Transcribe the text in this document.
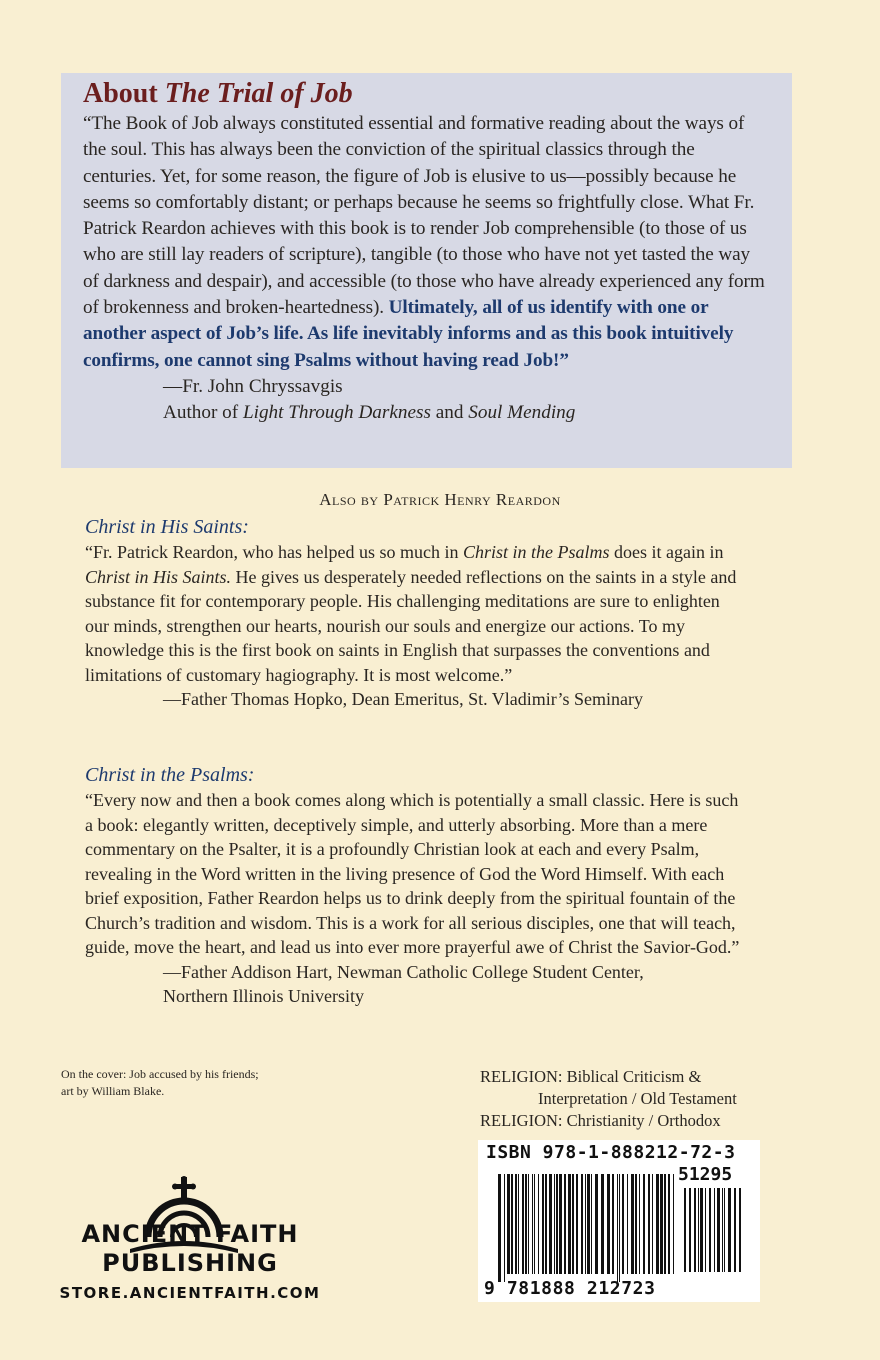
About The Trial of Job

“The Book of Job always constituted essential and formative reading about the ways of the soul. This has always been the conviction of the spiritual classics through the centuries. Yet, for some reason, the figure of Job is elusive to us—possibly because he seems so comfortably distant; or perhaps because he seems so frightfully close. What Fr. Patrick Reardon achieves with this book is to render Job comprehensible (to those of us who are still lay readers of scripture), tangible (to those who have not yet tasted the way of darkness and despair), and accessible (to those who have already experienced any form of brokenness and broken-heartedness). Ultimately, all of us identify with one or another aspect of Job’s life. As life inevitably informs and as this book intuitively confirms, one cannot sing Psalms without having read Job!”

—Fr. John Chryssavgis

Author of Light Through Darkness and Soul Mending

Also by Patrick Henry Reardon

Christ in His Saints:

“Fr. Patrick Reardon, who has helped us so much in Christ in the Psalms does it again in Christ in His Saints. He gives us desperately needed reflections on the saints in a style and substance fit for contemporary people. His challenging meditations are sure to enlighten our minds, strengthen our hearts, nourish our souls and energize our actions. To my knowledge this is the first book on saints in English that surpasses the conventions and limitations of customary hagiography. It is most welcome.”

—Father Thomas Hopko, Dean Emeritus, St. Vladimir’s Seminary

Christ in the Psalms:

“Every now and then a book comes along which is potentially a small classic. Here is such a book: elegantly written, deceptively simple, and utterly absorbing. More than a mere commentary on the Psalter, it is a profoundly Christian look at each and every Psalm, revealing in the Word written in the living presence of God the Word Himself. With each brief exposition, Father Reardon helps us to drink deeply from the spiritual fountain of the Church’s tradition and wisdom. This is a work for all serious disciples, one that will teach, guide, move the heart, and lead us into ever more prayerful awe of Christ the Savior-God.”

—Father Addison Hart, Newman Catholic College Student Center,

Northern Illinois University

On the cover: Job accused by his friends;
art by William Blake.

RELIGION: Biblical Criticism &

Interpretation / Old Testament

RELIGION: Christianity / Orthodox

ANCIENT FAITH
PUBLISHING
STORE.ANCIENTFAITH.COM

ISBN 978-1-888212-72-3

51295

9 781888 212723
